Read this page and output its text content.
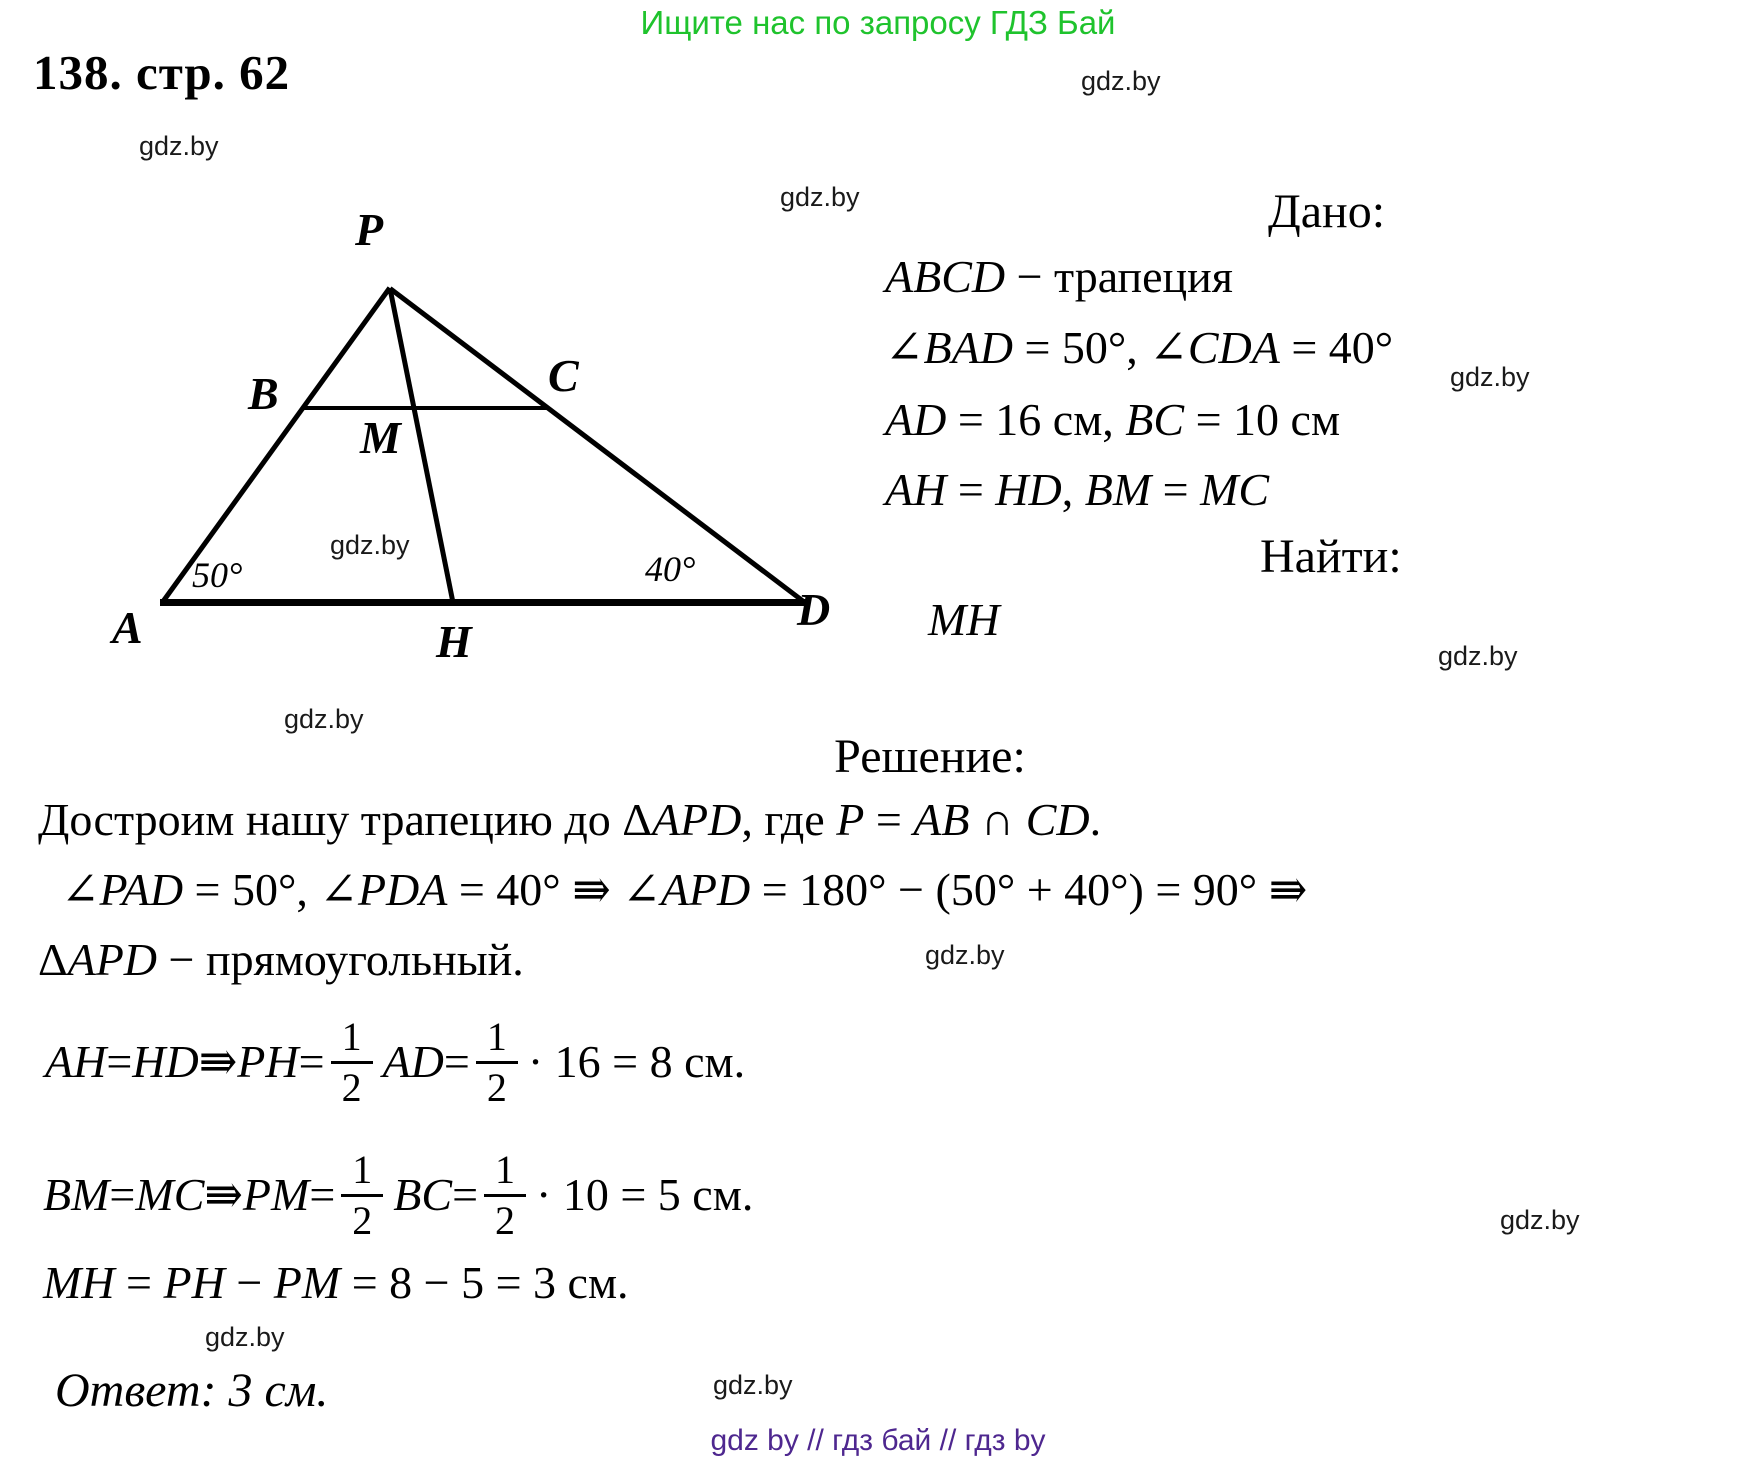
Ищите нас по запросу ГДЗ Бай
138. стр. 62
gdz.by
gdz.by
gdz.by
gdz.by
gdz.by
gdz.by
gdz.by
gdz.by
gdz.by
gdz.by
gdz.by
P
B	C
M
A	D
H
50°	40°
Дано:
ABCD − трапеция
∠BAD = 50°, ∠CDA = 40°
AD = 16 см, BC = 10 см
AH = HD, BM = MC
Найти:
MH
Решение:
Достроим нашу трапецию до ΔAPD, где P = AB ∩ CD.
∠PAD = 50°, ∠PDA = 40° ⇛ ∠APD = 180° − (50° + 40°) = 90° ⇛
ΔAPD − прямоугольный.
AH = HD ⇛ PH = $\frac{1}{2}$ AD = $\frac{1}{2} \cdot 16 = 8$ см.
BM = MC ⇛ PM = $\frac{1}{2}$ BC = $\frac{1}{2} \cdot 10 = 5$ см.
MH = PH − PM = 8 − 5 = 3 см.
Ответ: 3 см.
gdz by // гдз бай // гдз by
